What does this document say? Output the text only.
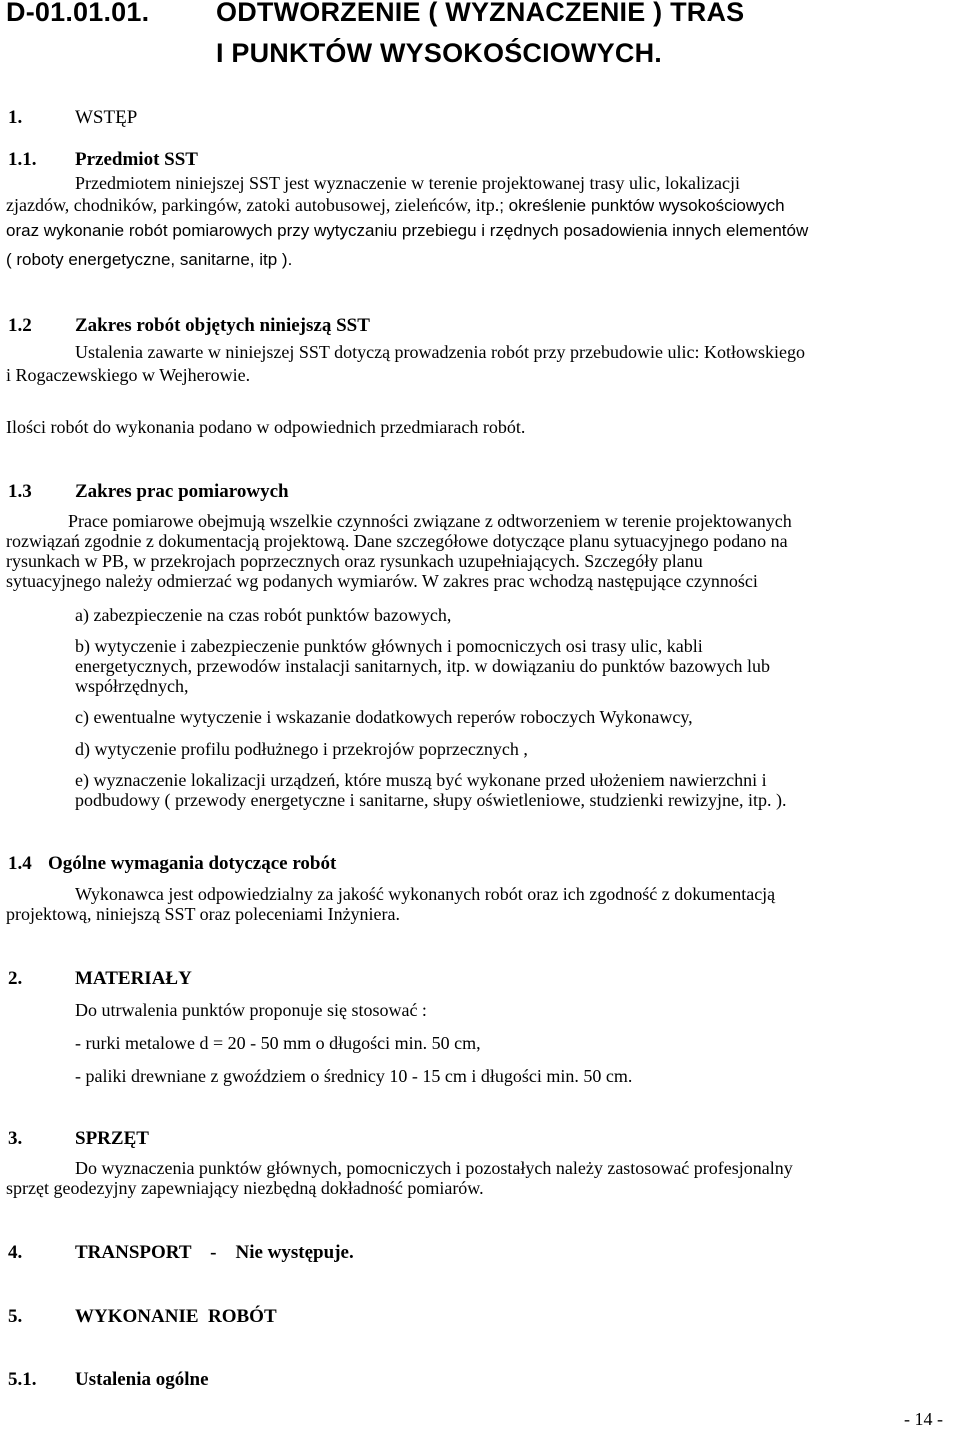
D-01.01.01. ODTWORZENIE ( WYZNACZENIE ) TRAS
I PUNKTÓW WYSOKOŚCIOWYCH.
1.	WSTĘP
1.1. Przedmiot SST
Przedmiotem niniejszej SST jest wyznaczenie w terenie projektowanej trasy ulic, lokalizacji
zjazdów, chodników, parkingów, zatoki autobusowej, zieleńców, itp.; określenie punktów wysokościowych
oraz wykonanie robót pomiarowych przy wytyczaniu przebiegu i rzędnych posadowienia innych elementów
( roboty energetyczne, sanitarne, itp ).
1.2 Zakres robót objętych niniejszą SST
Ustalenia zawarte w niniejszej SST dotyczą prowadzenia robót przy przebudowie ulic: Kotłowskiego
i Rogaczewskiego w Wejherowie.
Ilości robót do wykonania podano w odpowiednich przedmiarach robót.
1.3 Zakres prac pomiarowych
Prace pomiarowe obejmują wszelkie czynności związane z odtworzeniem w terenie projektowanych
rozwiązań zgodnie z dokumentacją projektową. Dane szczegółowe dotyczące planu sytuacyjnego podano na
rysunkach w PB, w przekrojach poprzecznych oraz rysunkach uzupełniających. Szczegóły planu
sytuacyjnego należy odmierzać wg podanych wymiarów. W zakres prac wchodzą następujące czynności
a) zabezpieczenie na czas robót punktów bazowych,
b) wytyczenie i zabezpieczenie punktów głównych i pomocniczych osi trasy ulic, kabli
energetycznych, przewodów instalacji sanitarnych, itp. w dowiązaniu do punktów bazowych lub
współrzędnych,
c) ewentualne wytyczenie i wskazanie dodatkowych reperów roboczych Wykonawcy,
d) wytyczenie profilu podłużnego i przekrojów poprzecznych ,
e) wyznaczenie lokalizacji urządzeń, które muszą być wykonane przed ułożeniem nawierzchni i
podbudowy ( przewody energetyczne i sanitarne, słupy oświetleniowe, studzienki rewizyjne, itp. ).
1.4 Ogólne wymagania dotyczące robót
Wykonawca jest odpowiedzialny za jakość wykonanych robót oraz ich zgodność z dokumentacją
projektową, niniejszą SST oraz poleceniami Inżyniera.
2.	MATERIAŁY
Do utrwalenia punktów proponuje się stosować :
- rurki metalowe d = 20 - 50 mm o długości min. 50 cm,
- paliki drewniane z gwoździem o średnicy 10 - 15 cm i długości min. 50 cm.
3.	SPRZĘT
Do wyznaczenia punktów głównych, pomocniczych i pozostałych należy zastosować profesjonalny
sprzęt geodezyjny zapewniający niezbędną dokładność pomiarów.
4.	TRANSPORT    -    Nie występuje.
5.	WYKONANIE  ROBÓT
5.1. Ustalenia ogólne
- 14 -
